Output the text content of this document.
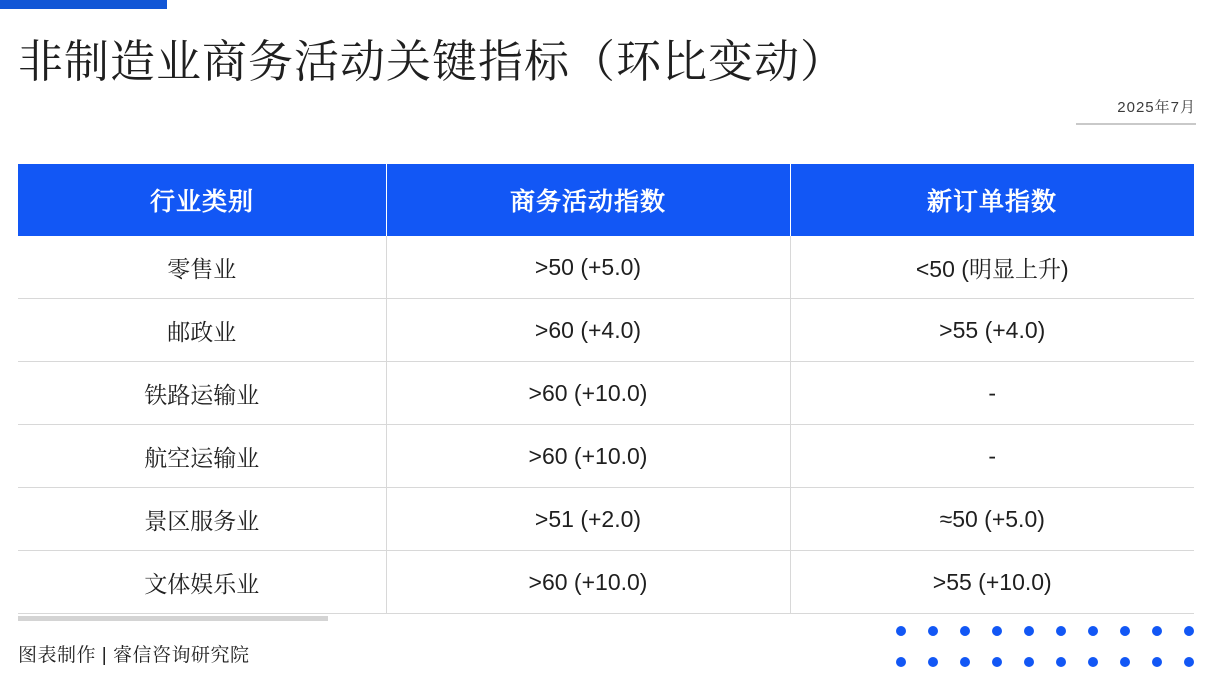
非制造业商务活动关键指标（环比变动）
2025年7月
行业类别	商务活动指数	新订单指数
零售业	>50 (+5.0)	<50 (明显上升)
邮政业	>60 (+4.0)	>55 (+4.0)
铁路运输业	>60 (+10.0)	-
航空运输业	>60 (+10.0)	-
景区服务业	>51 (+2.0)	≈50 (+5.0)
文体娱乐业	>60 (+10.0)	>55 (+10.0)
图表制作 | 睿信咨询研究院
